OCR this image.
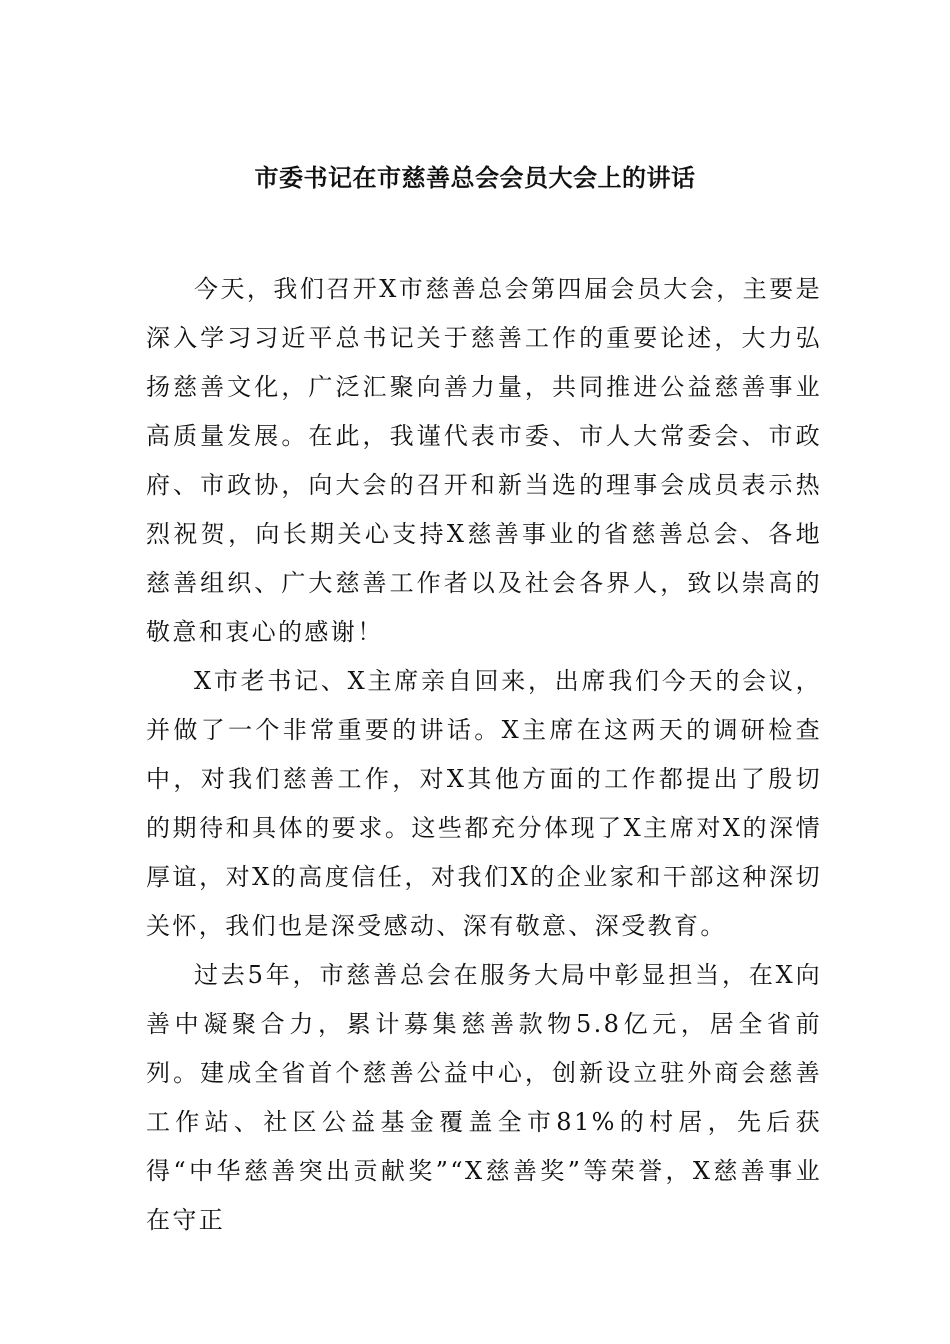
市委书记在市慈善总会会员大会上的讲话

今天，我们召开X市慈善总会第四届会员大会，主要是深入学习习近平总书记关于慈善工作的重要论述，大力弘扬慈善文化，广泛汇聚向善力量，共同推进公益慈善事业高质量发展。在此，我谨代表市委、市人大常委会、市政府、市政协，向大会的召开和新当选的理事会成员表示热烈祝贺，向长期关心支持X慈善事业的省慈善总会、各地慈善组织、广大慈善工作者以及社会各界人，致以崇高的敬意和衷心的感谢！

X市老书记、X主席亲自回来，出席我们今天的会议，并做了一个非常重要的讲话。X主席在这两天的调研检查中，对我们慈善工作，对X其他方面的工作都提出了殷切的期待和具体的要求。这些都充分体现了X主席对X的深情厚谊，对X的高度信任，对我们X的企业家和干部这种深切关怀，我们也是深受感动、深有敬意、深受教育。

过去5年，市慈善总会在服务大局中彰显担当，在X向善中凝聚合力，累计募集慈善款物5.8亿元，居全省前列。建成全省首个慈善公益中心，创新设立驻外商会慈善工作站、社区公益基金覆盖全市81%的村居，先后获得“中华慈善突出贡献奖”“X慈善奖”等荣誉，X慈善事业在守正
